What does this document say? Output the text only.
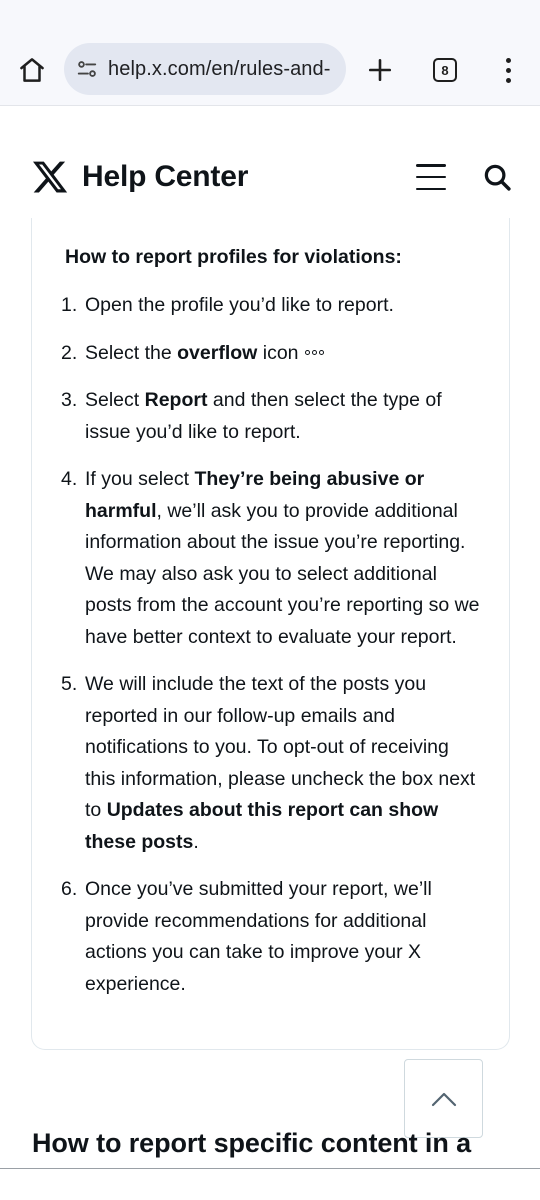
help.x.com/en/rules-and-	8
Help Center
How to report profiles for violations:
1. Open the profile you’d like to report.
2. Select the overflow icon
3. Select Report and then select the type of issue you’d like to report.
4. If you select They’re being abusive or harmful, we’ll ask you to provide additional information about the issue you’re reporting. We may also ask you to select additional posts from the account you’re reporting so we have better context to evaluate your report.
5. We will include the text of the posts you reported in our follow-up emails and notifications to you. To opt-out of receiving this information, please uncheck the box next to Updates about this report can show these posts.
6. Once you’ve submitted your report, we’ll provide recommendations for additional actions you can take to improve your X experience.
How to report specific content in a
